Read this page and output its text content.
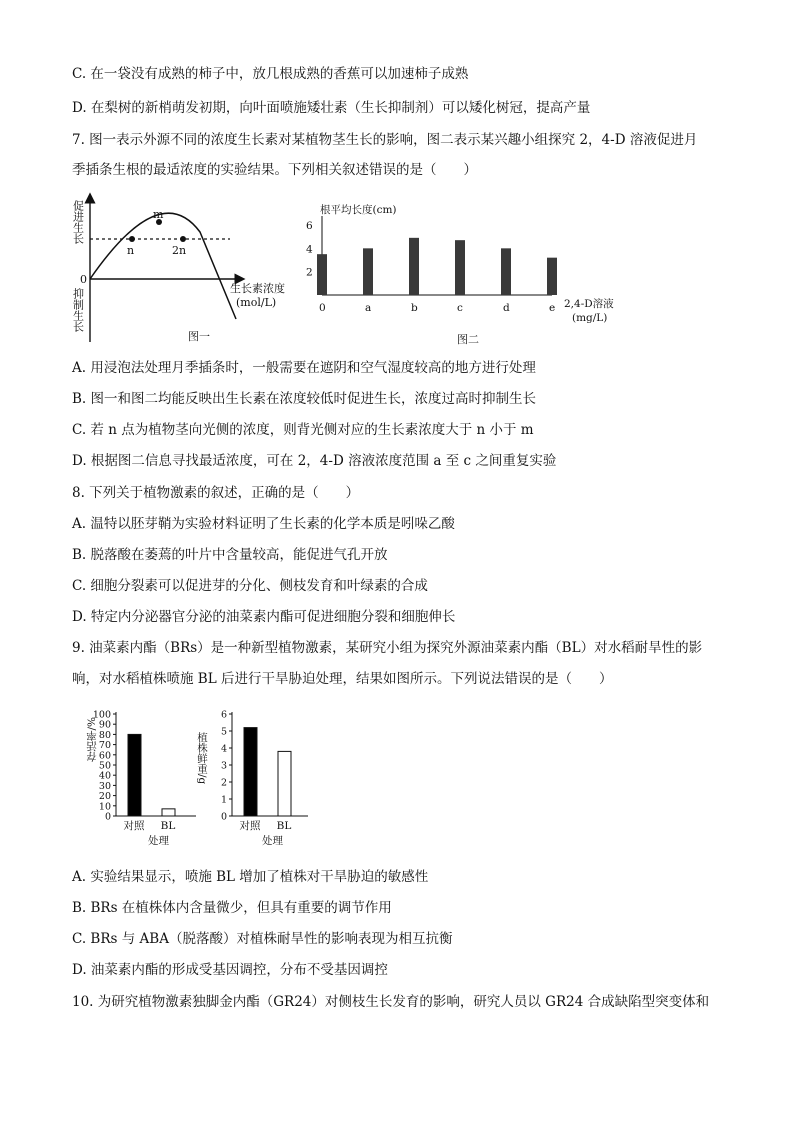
C. 在一袋没有成熟的柿子中，放几根成熟的香蕉可以加速柿子成熟
D. 在梨树的新梢萌发初期，向叶面喷施矮壮素（生长抑制剂）可以矮化树冠，提高产量
7. 图一表示外源不同的浓度生长素对某植物茎生长的影响，图二表示某兴趣小组探究 2，4-D 溶液促进月
季插条生根的最适浓度的实验结果。下列相关叙述错误的是（　　）
m
n	2n
0
生长素浓度
(mol/L)
促进生长
抑制生长
图一
根平均长度(cm)
2,4-D溶液
(mg/L)
图二
0	a	b	c	d	e
2
4
6
A. 用浸泡法处理月季插条时，一般需要在遮阴和空气湿度较高的地方进行处理
B. 图一和图二均能反映出生长素在浓度较低时促进生长，浓度过高时抑制生长
C. 若 n 点为植物茎向光侧的浓度，则背光侧对应的生长素浓度大于 n 小于 m
D. 根据图二信息寻找最适浓度，可在 2，4-D 溶液浓度范围 a 至 c 之间重复实验
8. 下列关于植物激素的叙述，正确的是（　　）
A. 温特以胚芽鞘为实验材料证明了生长素的化学本质是吲哚乙酸
B. 脱落酸在萎蔫的叶片中含量较高，能促进气孔开放
C. 细胞分裂素可以促进芽的分化、侧枝发育和叶绿素的合成
D. 特定内分泌器官分泌的油菜素内酯可促进细胞分裂和细胞伸长
9. 油菜素内酯（BRs）是一种新型植物激素，某研究小组为探究外源油菜素内酯（BL）对水稻耐旱性的影
响，对水稻植株喷施 BL 后进行干旱胁迫处理，结果如图所示。下列说法错误的是（　　）
存活率/%
处理
0
10
20
30
40
50
60
70
80
90
100
对照 BL
植株鲜重/g
处理
0
1
2
3
4
5
6
对照 BL
A. 实验结果显示，喷施 BL 增加了植株对干旱胁迫的敏感性
B. BRs 在植株体内含量微少，但具有重要的调节作用
C. BRs 与 ABA（脱落酸）对植株耐旱性的影响表现为相互抗衡
D. 油菜素内酯的形成受基因调控，分布不受基因调控
10. 为研究植物激素独脚金内酯（GR24）对侧枝生长发育的影响，研究人员以 GR24 合成缺陷型突变体和
